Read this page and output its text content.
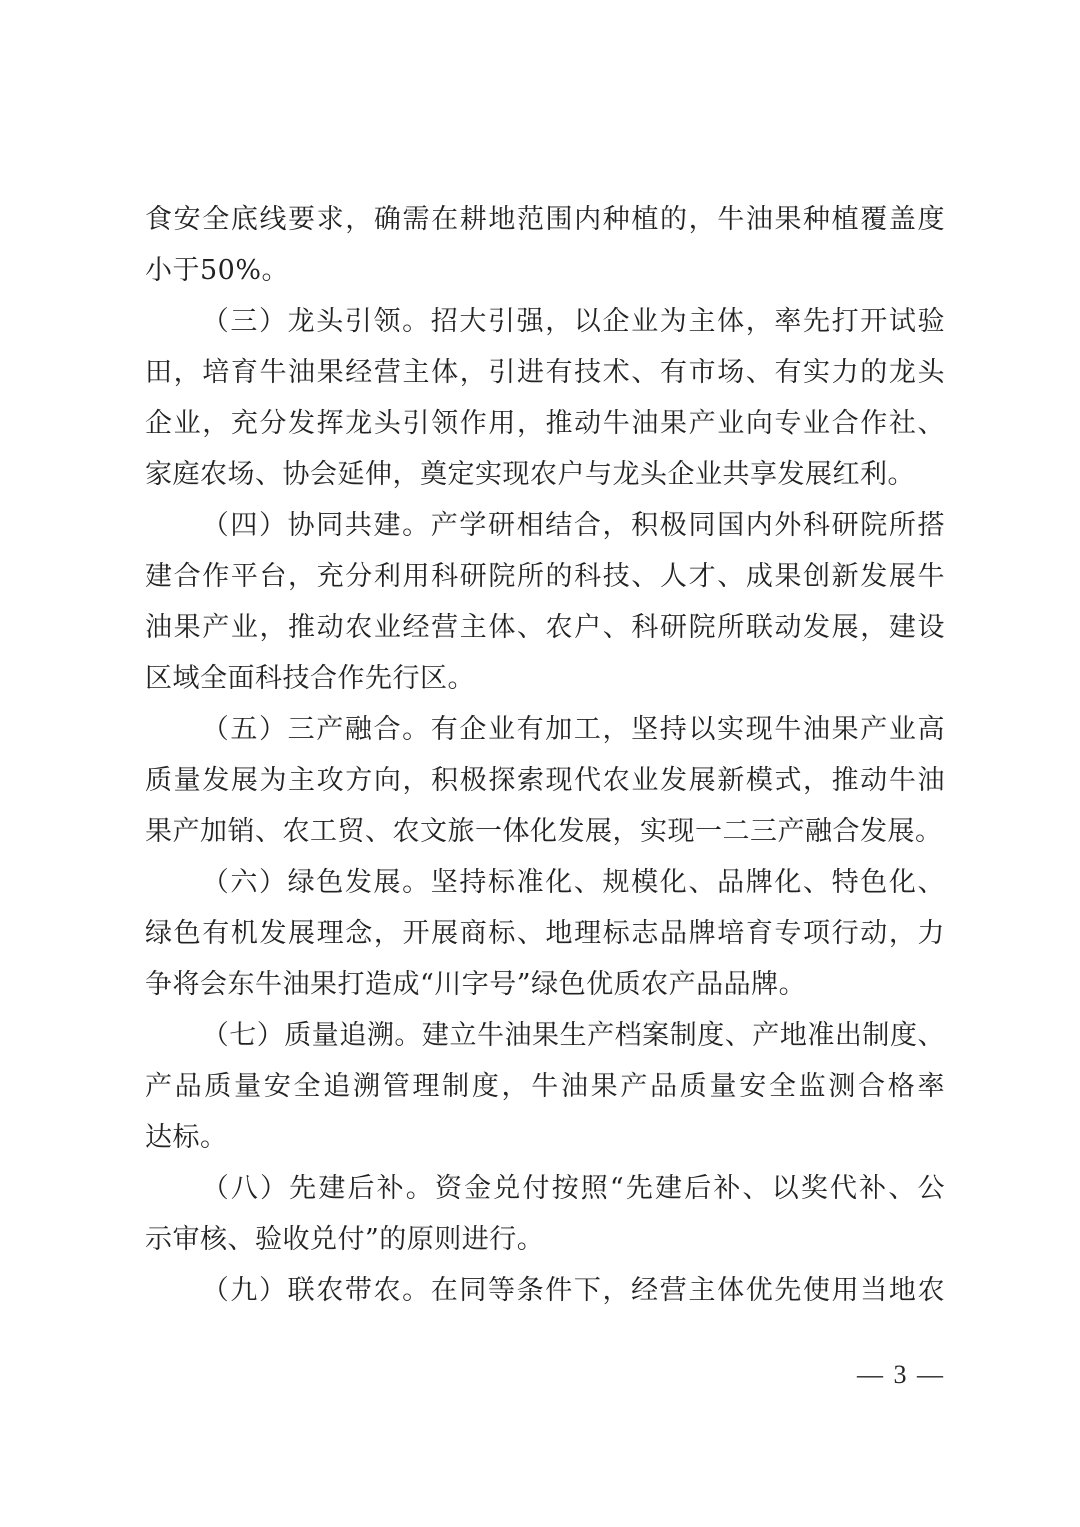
食安全底线要求，确需在耕地范围内种植的，牛油果种植覆盖度
小于50%。
（三）龙头引领。招大引强，以企业为主体，率先打开试验
田，培育牛油果经营主体，引进有技术、有市场、有实力的龙头
企业，充分发挥龙头引领作用，推动牛油果产业向专业合作社、
家庭农场、协会延伸，奠定实现农户与龙头企业共享发展红利。
（四）协同共建。产学研相结合，积极同国内外科研院所搭
建合作平台，充分利用科研院所的科技、人才、成果创新发展牛
油果产业，推动农业经营主体、农户、科研院所联动发展，建设
区域全面科技合作先行区。
（五）三产融合。有企业有加工，坚持以实现牛油果产业高
质量发展为主攻方向，积极探索现代农业发展新模式，推动牛油
果产加销、农工贸、农文旅一体化发展，实现一二三产融合发展。
（六）绿色发展。坚持标准化、规模化、品牌化、特色化、
绿色有机发展理念，开展商标、地理标志品牌培育专项行动，力
争将会东牛油果打造成“川字号”绿色优质农产品品牌。
（七）质量追溯。建立牛油果生产档案制度、产地准出制度、
产品质量安全追溯管理制度，牛油果产品质量安全监测合格率
达标。
（八）先建后补。资金兑付按照“先建后补、以奖代补、公
示审核、验收兑付”的原则进行。
（九）联农带农。在同等条件下，经营主体优先使用当地农
— 3 —
